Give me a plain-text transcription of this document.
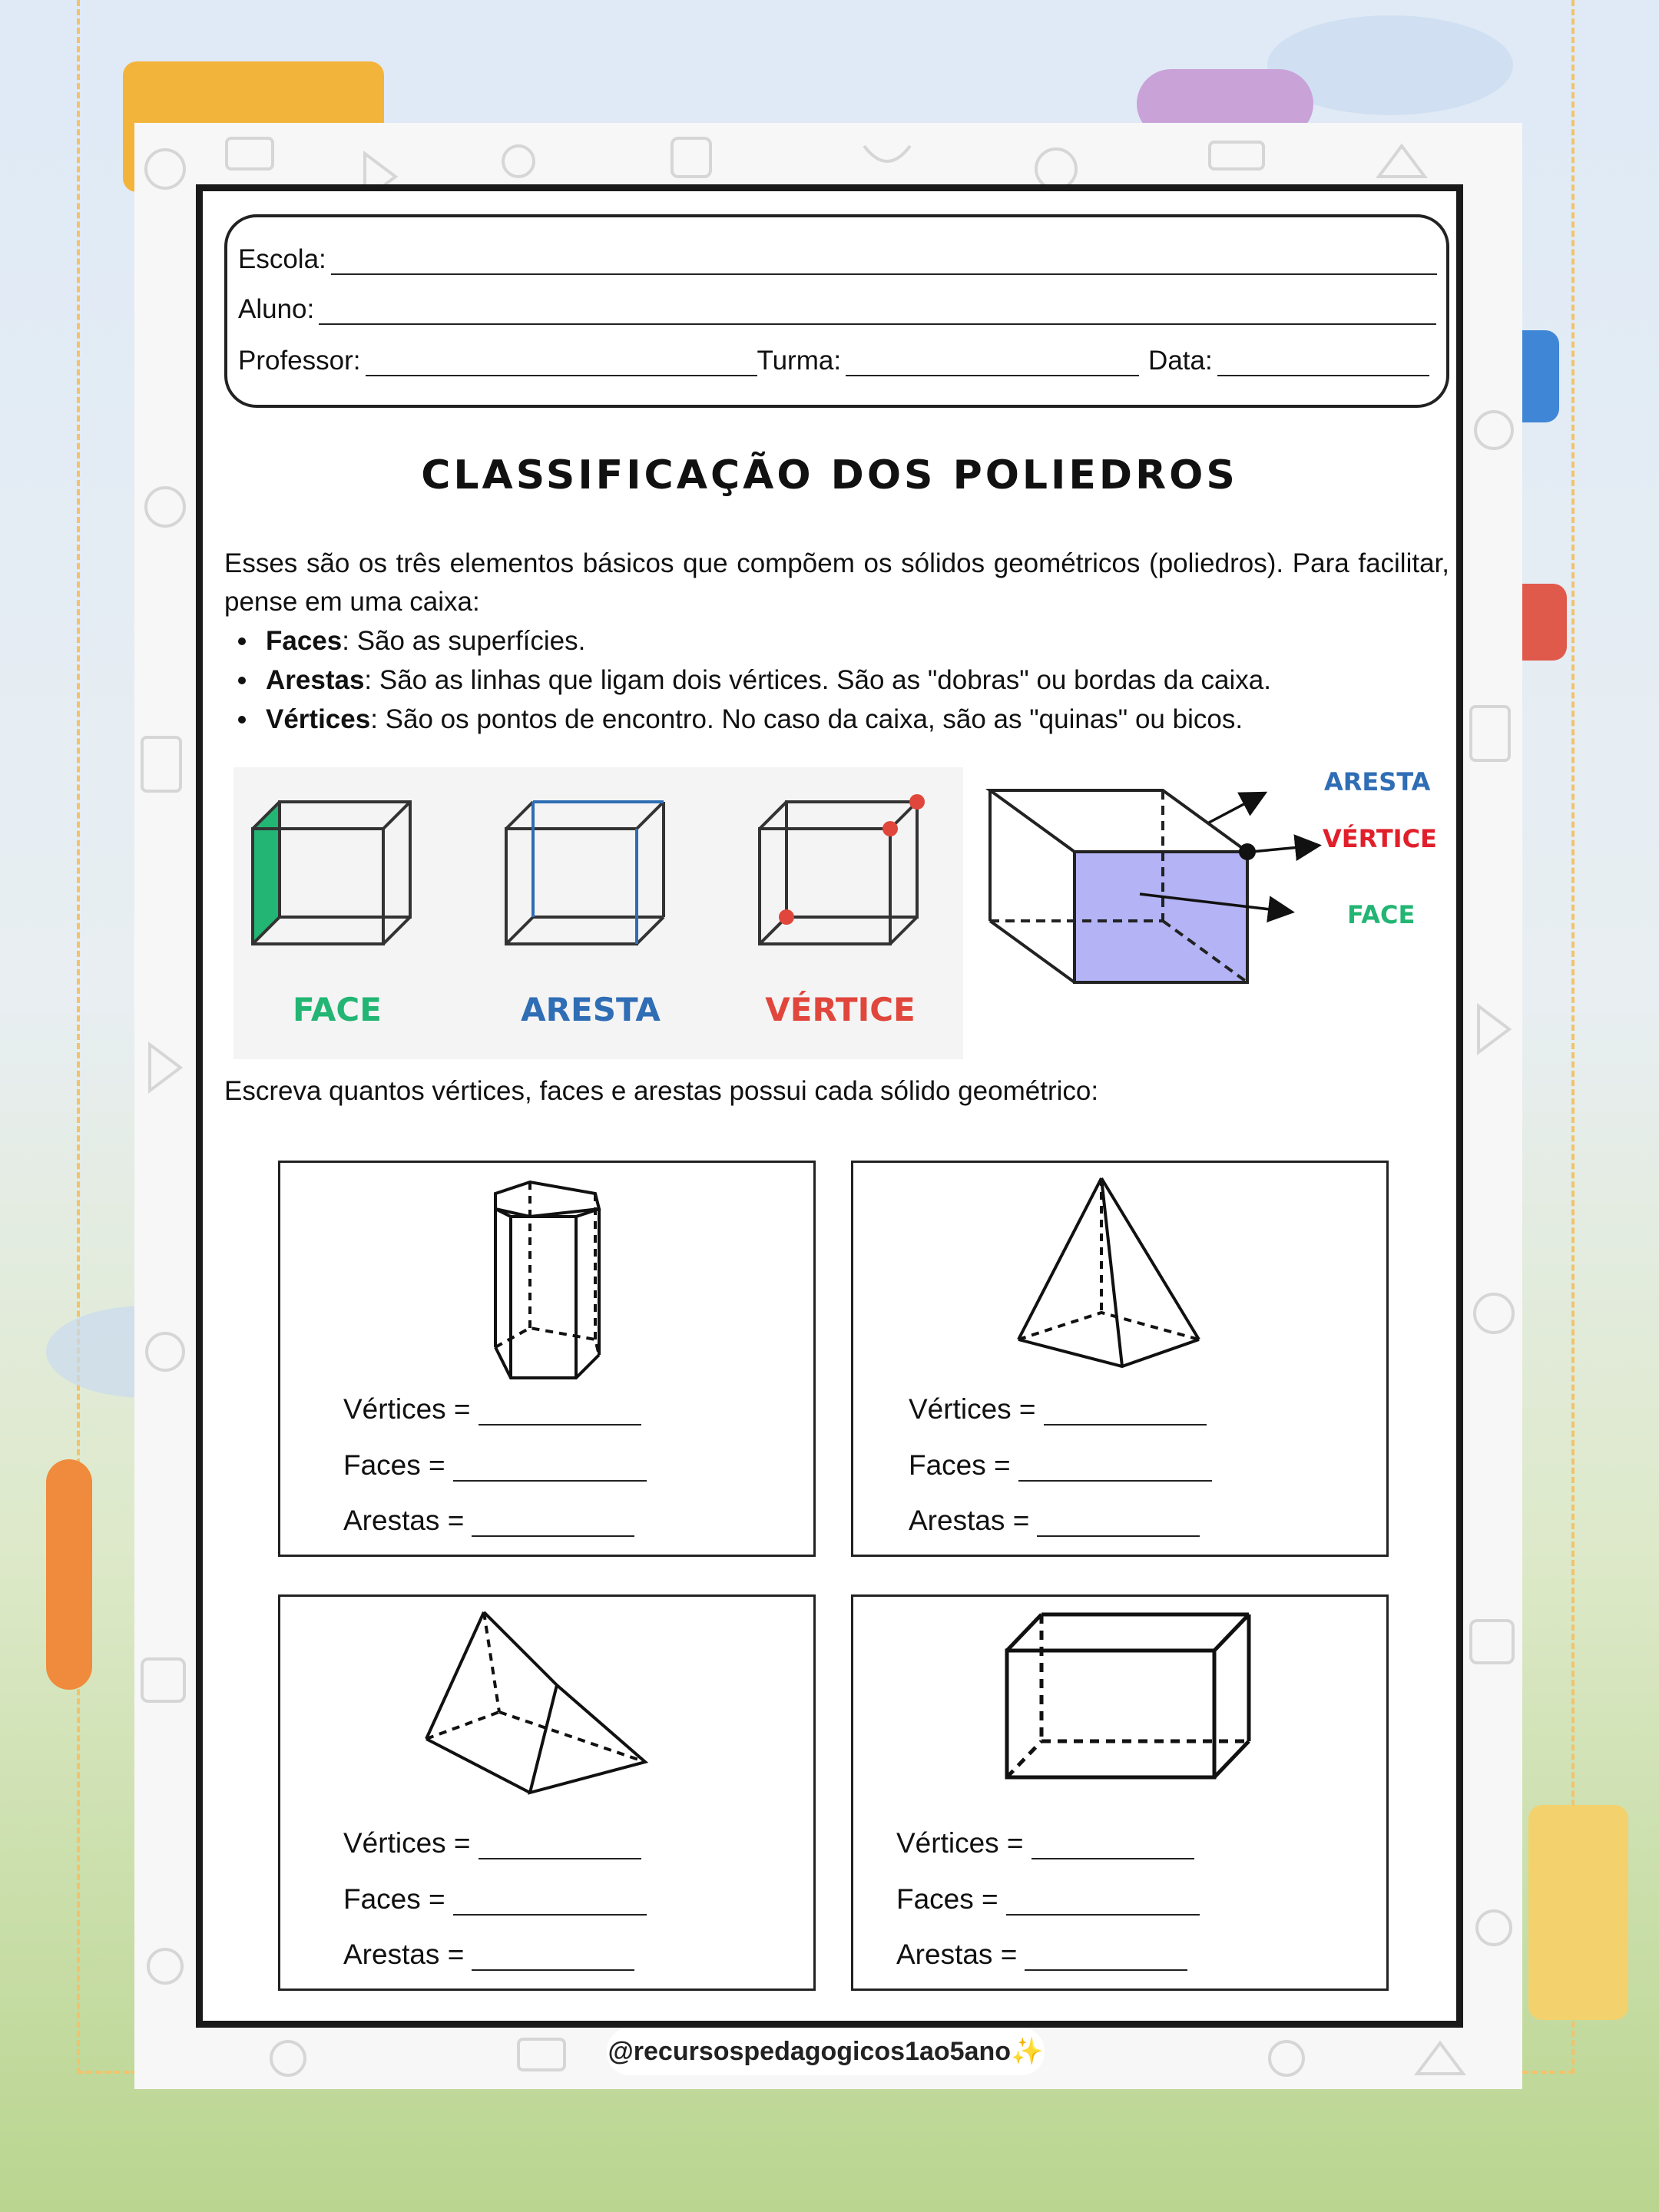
Escola:
Aluno:
Professor:	Turma:	Data:
CLASSIFICAÇÃO DOS POLIEDROS
Esses são os três elementos básicos que compõem os sólidos geométricos (poliedros). Para facilitar, pense em uma caixa:
Faces : São as superfícies.
Arestas : São as linhas que ligam dois vértices. São as "dobras" ou bordas da caixa.
Vértices : São os pontos de encontro. No caso da caixa, são as "quinas" ou bicos.
FACE	ARESTA	VÉRTICE
ARESTA
VÉRTICE
FACE
Escreva quantos vértices, faces e arestas possui cada sólido geométrico:
Vértices =
Faces =
Arestas =
Vértices =
Faces =
Arestas =
Vértices =
Faces =
Arestas =
Vértices =
Faces =
Arestas =
@recursospedagogicos1ao5ano✨
